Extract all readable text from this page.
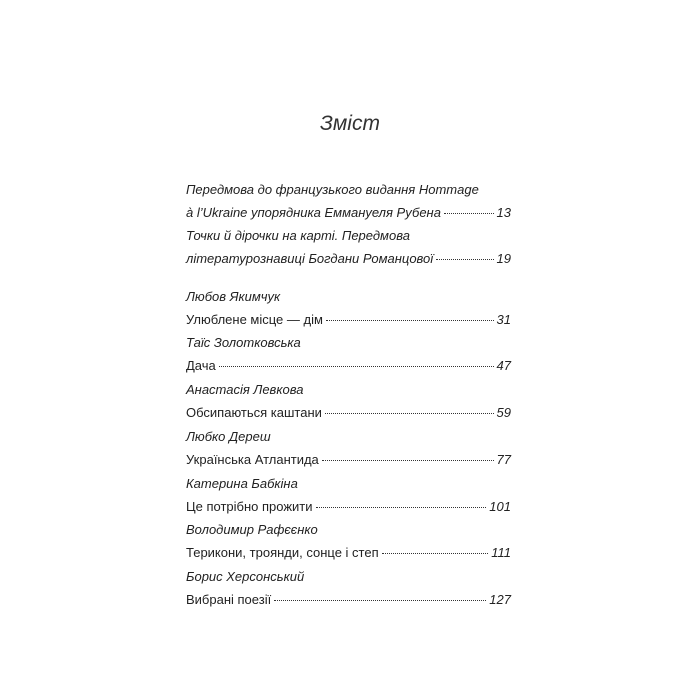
Зміст
Передмова до французького видання Hommage
à l’Ukraine упорядника Еммануеля Рубена	13
Точки й дірочки на карті. Передмова
літературознавиці Богдани Романцової	19
Любов Якимчук
Улюблене місце — дім	31
Таїс Золотковська
Дача	47
Анастасія Левкова
Обсипаються каштани	59
Любко Дереш
Українська Атлантида	77
Катерина Бабкіна
Це потрібно прожити	101
Володимир Рафєєнко
Терикони, троянди, сонце і степ	111
Борис Херсонський
Вибрані поезії	127
